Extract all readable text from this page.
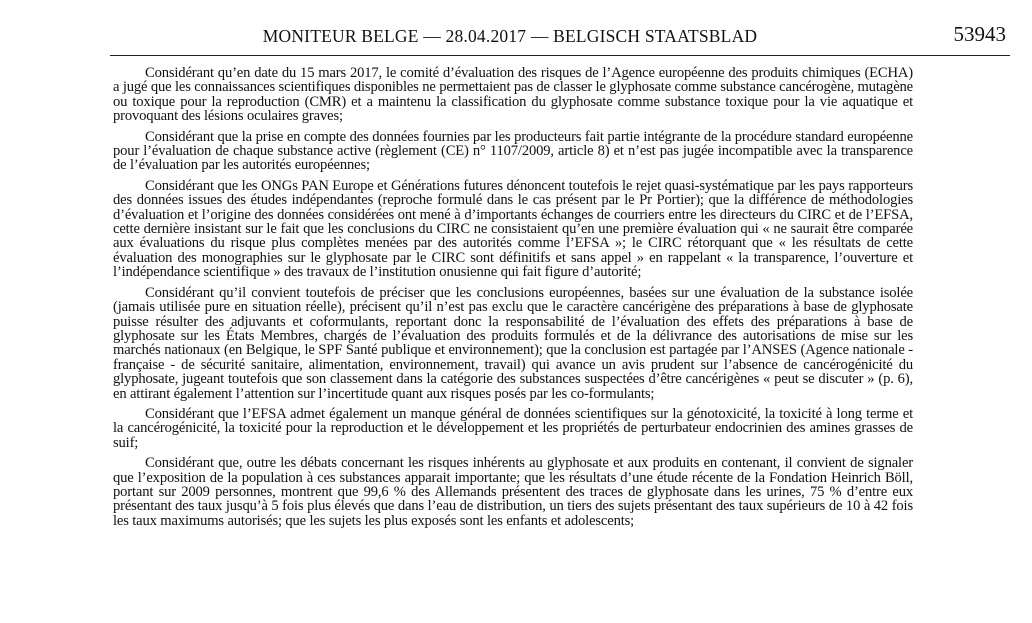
MONITEUR BELGE — 28.04.2017 — BELGISCH STAATSBLAD	53943

Considérant qu’en date du 15 mars 2017, le comité d’évaluation des risques de l’Agence européenne des produits chimiques (ECHA) a jugé que les connaissances scientifiques disponibles ne permettaient pas de classer le glyphosate comme substance cancérogène, mutagène ou toxique pour la reproduction (CMR) et a maintenu la classification du glyphosate comme substance toxique pour la vie aquatique et provoquant des lésions oculaires graves;

Considérant que la prise en compte des données fournies par les producteurs fait partie intégrante de la procédure standard européenne pour l’évaluation de chaque substance active (règlement (CE) n° 1107/2009, article 8) et n’est pas jugée incompatible avec la transparence de l’évaluation par les autorités européennes;

Considérant que les ONGs PAN Europe et Générations futures dénoncent toutefois le rejet quasi-systématique par les pays rapporteurs des données issues des études indépendantes (reproche formulé dans le cas présent par le Pr Portier); que la différence de méthodologies d’évaluation et l’origine des données considérées ont mené à d’importants échanges de courriers entre les directeurs du CIRC et de l’EFSA, cette dernière insistant sur le fait que les conclusions du CIRC ne consistaient qu’en une première évaluation qui « ne saurait être comparée aux évaluations du risque plus complètes menées par des autorités comme l’EFSA »; le CIRC rétorquant que « les résultats de cette évaluation des monographies sur le glyphosate par le CIRC sont définitifs et sans appel » en rappelant « la transparence, l’ouverture et l’indépendance scientifique » des travaux de l’institution onusienne qui fait figure d’autorité;

Considérant qu’il convient toutefois de préciser que les conclusions européennes, basées sur une évaluation de la substance isolée (jamais utilisée pure en situation réelle), précisent qu’il n’est pas exclu que le caractère cancérigène des préparations à base de glyphosate puisse résulter des adjuvants et coformulants, reportant donc la responsabilité de l’évaluation des effets des préparations à base de glyphosate sur les États Membres, chargés de l’évaluation des produits formulés et de la délivrance des autorisations de mise sur les marchés nationaux (en Belgique, le SPF Santé publique et environnement); que la conclusion est partagée par l’ANSES (Agence nationale - française - de sécurité sanitaire, alimentation, environnement, travail) qui avance un avis prudent sur l’absence de cancérogénicité du glyphosate, jugeant toutefois que son classement dans la catégorie des substances suspectées d’être cancérigènes « peut se discuter » (p. 6), en attirant également l’attention sur l’incertitude quant aux risques posés par les co-formulants;

Considérant que l’EFSA admet également un manque général de données scientifiques sur la génotoxicité, la toxicité à long terme et la cancérogénicité, la toxicité pour la reproduction et le développement et les propriétés de perturbateur endocrinien des amines grasses de suif;

Considérant que, outre les débats concernant les risques inhérents au glyphosate et aux produits en contenant, il convient de signaler que l’exposition de la population à ces substances apparait importante; que les résultats d’une étude récente de la Fondation Heinrich Böll, portant sur 2009 personnes, montrent que 99,6 % des Allemands présentent des traces de glyphosate dans les urines, 75 % d’entre eux présentant des taux jusqu’à 5 fois plus élevés que dans l’eau de distribution, un tiers des sujets présentant des taux supérieurs de 10 à 42 fois les taux maximums autorisés; que les sujets les plus exposés sont les enfants et adolescents;
